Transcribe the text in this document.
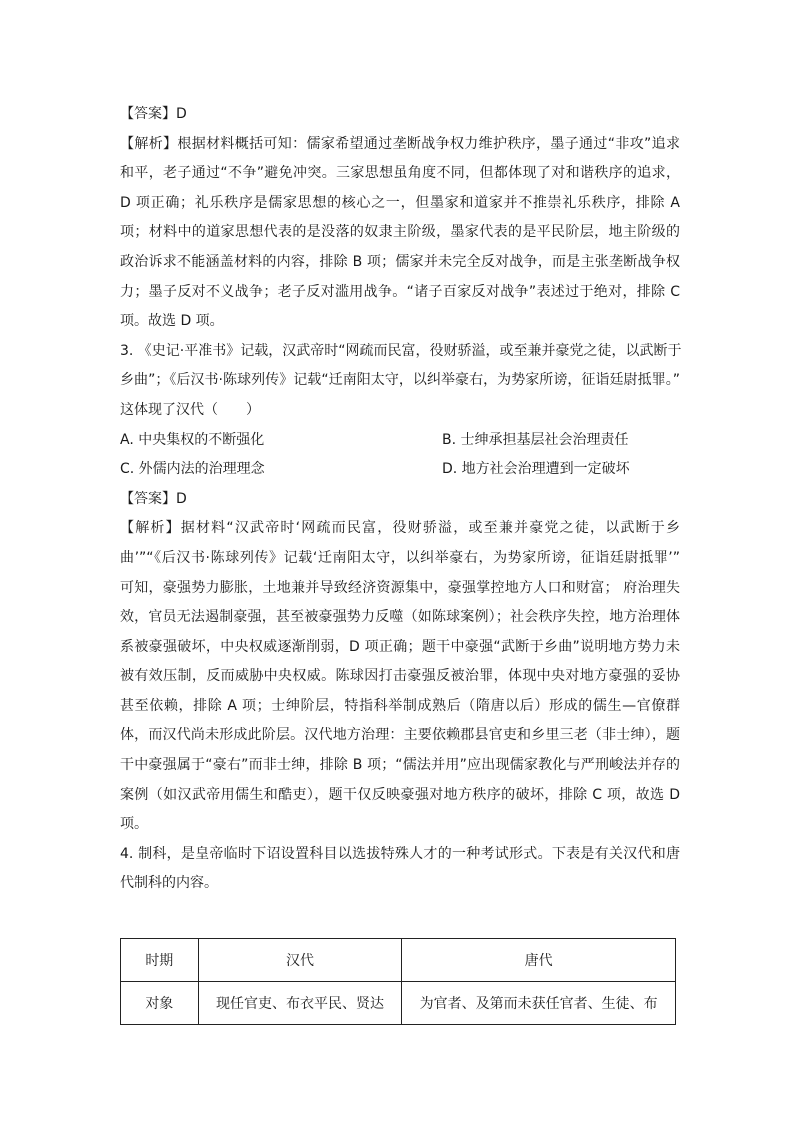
【答案】D
【解析】根据材料概括可知：儒家希望通过垄断战争权力维护秩序，墨子通过“非攻”追求
和平，老子通过“不争”避免冲突。三家思想虽角度不同，但都体现了对和谐秩序的追求，
D 项正确；礼乐秩序是儒家思想的核心之一，但墨家和道家并不推崇礼乐秩序，排除 A
项；材料中的道家思想代表的是没落的奴隶主阶级，墨家代表的是平民阶层，地主阶级的
政治诉求不能涵盖材料的内容，排除 B 项；儒家并未完全反对战争，而是主张垄断战争权
力；墨子反对不义战争；老子反对滥用战争。“诸子百家反对战争”表述过于绝对，排除 C
项。故选 D 项。
3. 《史记·平准书》记载，汉武帝时“网疏而民富，役财骄溢，或至兼并豪党之徒，以武断于
乡曲”；《后汉书·陈球列传》记载“迁南阳太守，以纠举豪右，为势家所谤，征诣廷尉抵罪。”
这体现了汉代（　　）
A. 中央集权的不断强化	B. 士绅承担基层社会治理责任
C. 外儒内法的治理理念	D. 地方社会治理遭到一定破坏
【答案】D
【解析】据材料“汉武帝时‘网疏而民富，役财骄溢，或至兼并豪党之徒，以武断于乡
曲’”“《后汉书·陈球列传》记载‘迁南阳太守，以纠举豪右，为势家所谤，征诣廷尉抵罪’”
可知，豪强势力膨胀，土地兼并导致经济资源集中，豪强掌控地方人口和财富； 府治理失
效，官员无法遏制豪强，甚至被豪强势力反噬（如陈球案例）；社会秩序失控，地方治理体
系被豪强破坏，中央权威逐渐削弱，D 项正确；题干中豪强“武断于乡曲”说明地方势力未
被有效压制，反而威胁中央权威。陈球因打击豪强反被治罪，体现中央对地方豪强的妥协
甚至依赖，排除 A 项；士绅阶层，特指科举制成熟后（隋唐以后）形成的儒生—官僚群
体，而汉代尚未形成此阶层。汉代地方治理：主要依赖郡县官吏和乡里三老（非士绅），题
干中豪强属于“豪右”而非士绅，排除 B 项；“儒法并用”应出现儒家教化与严刑峻法并存的
案例（如汉武帝用儒生和酷吏），题干仅反映豪强对地方秩序的破坏，排除 C 项，故选 D
项。
4. 制科，是皇帝临时下诏设置科目以选拔特殊人才的一种考试形式。下表是有关汉代和唐
代制科的内容。
时期	汉代	唐代
对象	现任官吏、布衣平民、贤达	为官者、及第而未获任官者、生徒、布
